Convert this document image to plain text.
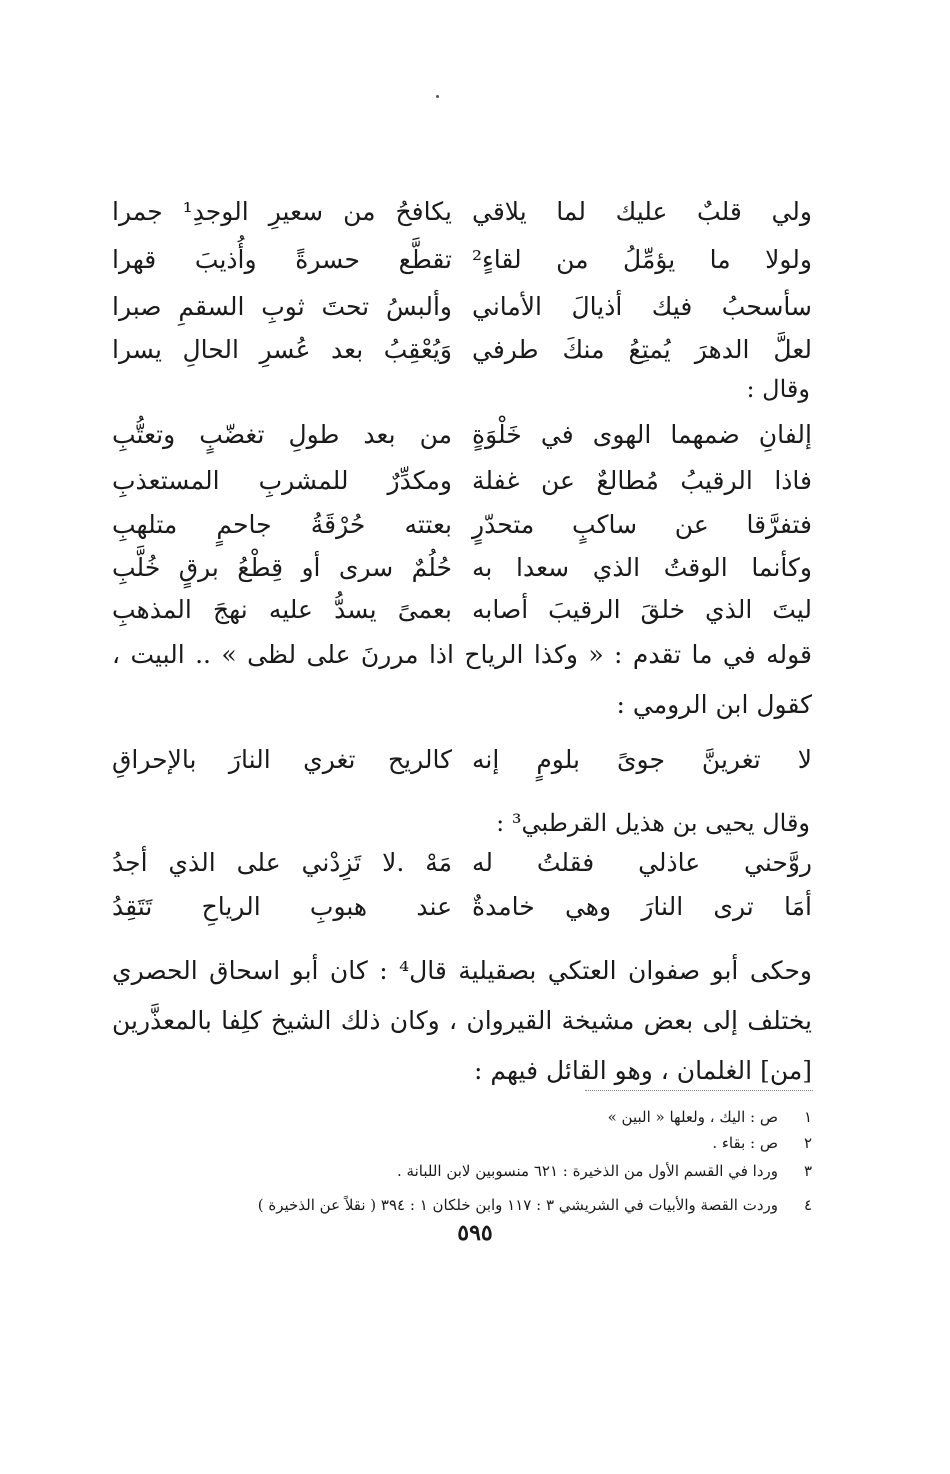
ولي قلبٌ عليك لما يلاقي
يكافحُ من سعيرِ الوجدِ¹ جمرا
ولولا ما يؤمِّلُ من لقاءٍ²
تقطَّع حسرةً وأُذيبَ قهرا
سأسحبُ فيك أذيالَ الأماني
وألبسُ تحتَ ثوبِ السقمِ صبرا
لعلَّ الدهرَ يُمتِعُ منكَ طرفي
وَيُعْقِبُ بعد عُسرِ الحالِ يسرا
وقال :
إلفانِ ضمهما الهوى في خَلْوَةٍ
من بعد طولِ تغضّبٍ وتعتُّبِ
فاذا الرقيبُ مُطالعٌ عن غفلة
ومكدِّرٌ للمشربِ المستعذبِ
فتفرَّقا عن ساكبٍ متحدّرٍ
بعتته حُرْقَةُ جاحمٍ متلهبِ
وكأنما الوقتُ الذي سعدا به
حُلُمٌ سرى أو قِطْعُ برقٍ خُلَّبِ
ليتَ الذي خلقَ الرقيبَ أصابه
بعمىً يسدُّ عليه نهجَ المذهبِ
قوله في ما تقدم : « وكذا الرياح اذا مررنَ على لظى » .. البيت ، كقول ابن الرومي :
لا تغرينَّ جوىً بلومٍ إنه
كالريح تغري النارَ بالإحراقِ
وقال يحيى بن هذيل القرطبي³ :
روَّحني عاذلي فقلتُ له
مَهْ .لا تَزِدْني على الذي أجدُ
أمَا ترى النارَ وهي خامدةٌ
عند هبوبِ الرياحِ تَتَقِدُ
وحكى أبو صفوان العتكي بصقيلية قال⁴ : كان أبو اسحاق الحصري يختلف إلى بعض مشيخة القيروان ، وكان ذلك الشيخ كلِفا بالمعذَّرين [من] الغلمان ، وهو القائل فيهم :
١ص : اليك ، ولعلها « البين »
٢ص : بقاء .
٣وردا في القسم الأول من الذخيرة : ٦٢١ منسوبين لابن اللبانة .
٤وردت القصة والأبيات في الشريشي ٣ : ١١٧ وابن خلكان ١ : ٣٩٤ ( نقلاً عن الذخيرة )
٥٩٥
